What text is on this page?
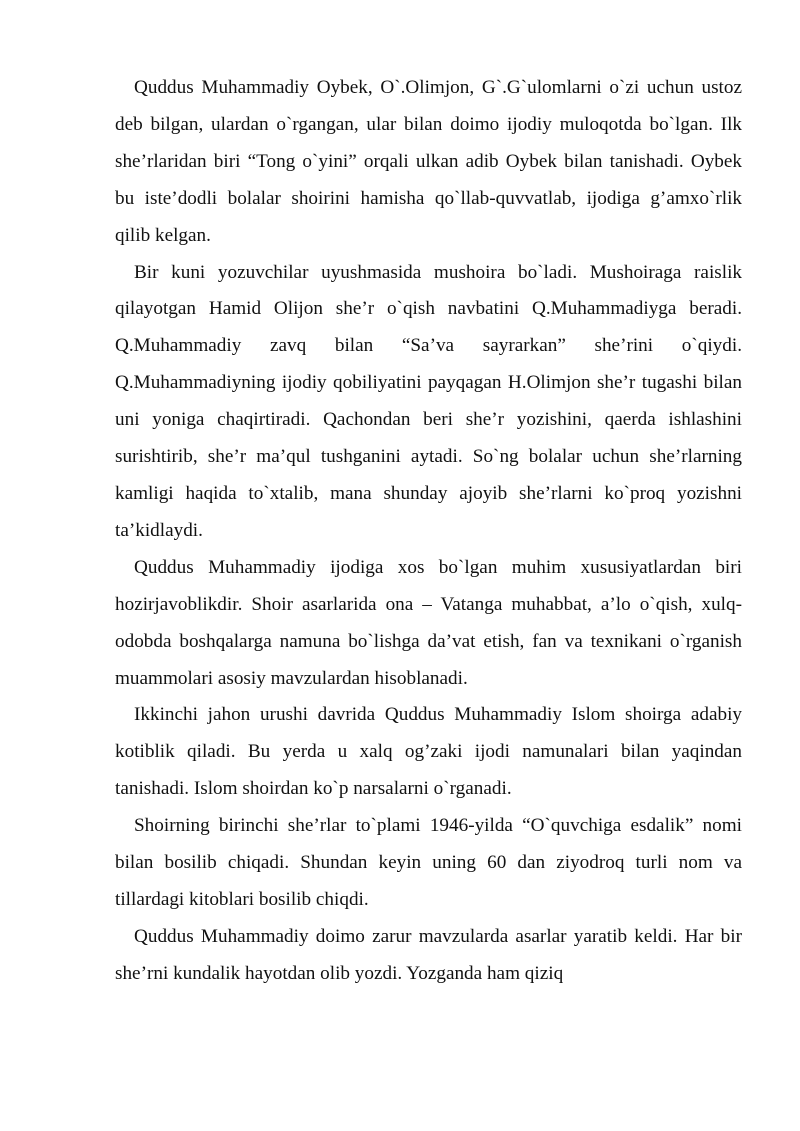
Quddus Muhammadiy Oybek, O`.Olimjon, G`.G`ulomlarni o`zi uchun ustoz deb bilgan, ulardan o`rgangan, ular bilan doimo ijodiy muloqotda bo`lgan. Ilk she’rlaridan biri “Tong o`yini” orqali ulkan adib Oybek bilan tanishadi. Oybek bu iste’dodli bolalar shoirini hamisha qo`llab-quvvatlab, ijodiga g’amxo`rlik qilib kelgan.

Bir kuni yozuvchilar uyushmasida mushoira bo`ladi. Mushoiraga raislik qilayotgan Hamid Olijon she’r o`qish navbatini Q.Muhammadiyga beradi. Q.Muhammadiy zavq bilan “Sa’va sayrarkan” she’rini o`qiydi. Q.Muhammadiyning ijodiy qobiliyatini payqagan H.Olimjon she’r tugashi bilan uni yoniga chaqirtiradi. Qachondan beri she’r yozishini, qaerda ishlashini surishtirib, she’r ma’qul tushganini aytadi. So`ng bolalar uchun she’rlarning kamligi haqida to`xtalib, mana shunday ajoyib she’rlarni ko`proq yozishni ta’kidlaydi.

Quddus Muhammadiy ijodiga xos bo`lgan muhim xususiyatlardan biri hozirjavoblikdir. Shoir asarlarida ona – Vatanga muhabbat, a’lo o`qish, xulq-odobda boshqalarga namuna bo`lishga da’vat etish, fan va texnikani o`rganish muammolari asosiy mavzulardan hisoblanadi.

Ikkinchi jahon urushi davrida Quddus Muhammadiy Islom shoirga adabiy kotiblik qiladi. Bu yerda u xalq og’zaki ijodi namunalari bilan yaqindan tanishadi. Islom shoirdan ko`p narsalarni o`rganadi.

Shoirning birinchi she’rlar to`plami 1946-yilda “O`quvchiga esdalik” nomi bilan bosilib chiqadi. Shundan keyin uning 60 dan ziyodroq turli nom va tillardagi kitoblari bosilib chiqdi.

Quddus Muhammadiy doimo zarur mavzularda asarlar yaratib keldi. Har bir she’rni kundalik hayotdan olib yozdi. Yozganda ham qiziq
